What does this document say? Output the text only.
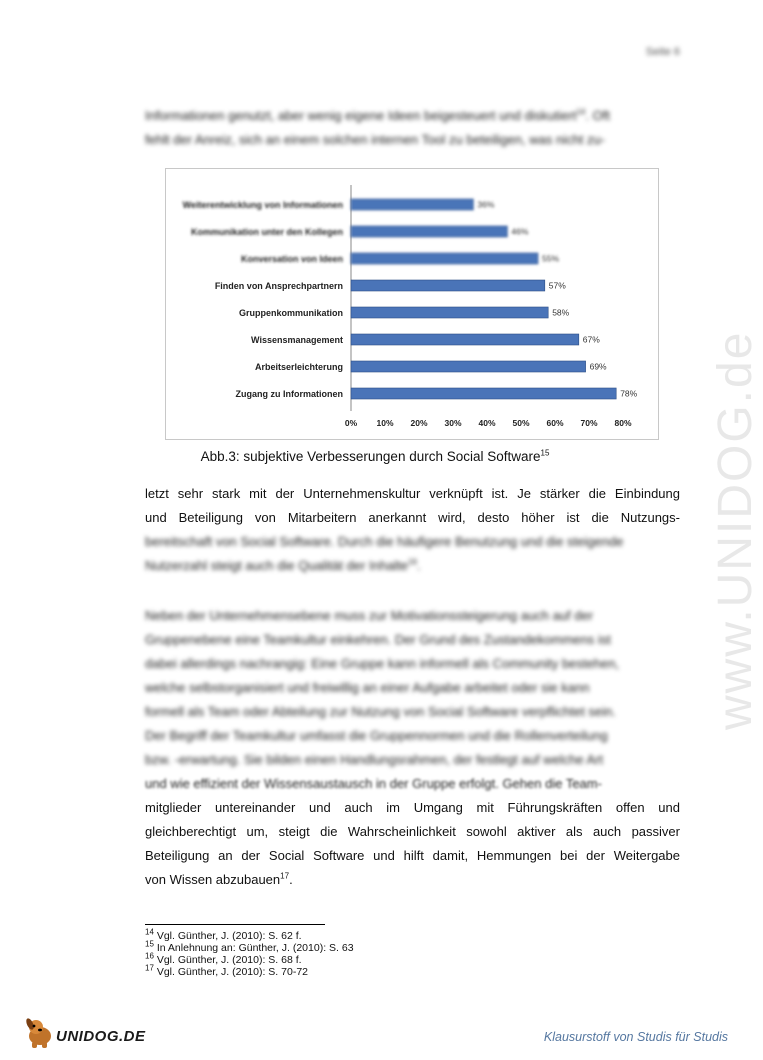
Seite 6
Informationen genutzt, aber wenig eigene Ideen beigesteuert und diskutiert$^{14}$. Oft
fehlt der Anreiz, sich an einem solchen internen Tool zu beteiligen, was nicht zu-
Weiterentwicklung von Informationen	36%
Kommunikation unter den Kollegen	46%
Konversation von Ideen	55%
Finden von Ansprechpartnern	57%
Gruppenkommunikation	58%
Wissensmanagement	67%
Arbeitserleichterung	69%
Zugang zu Informationen	78%
0% 10% 20% 30% 40% 50% 60% 70% 80%
Abb.3: subjektive Verbesserungen durch Social Software$^{15}$
letzt sehr stark mit der Unternehmenskultur verknüpft ist. Je stärker die Einbindung
und Beteiligung von Mitarbeitern anerkannt wird, desto höher ist die Nutzungs-
bereitschaft von Social Software. Durch die häufigere Benutzung und die steigende
Nutzerzahl steigt auch die Qualität der Inhalte$^{16}$.
Neben der Unternehmensebene muss zur Motivationssteigerung auch auf der
Gruppenebene eine Teamkultur einkehren. Der Grund des Zustandekommens ist
dabei allerdings nachrangig: Eine Gruppe kann informell als Community bestehen,
welche selbstorganisiert und freiwillig an einer Aufgabe arbeitet oder sie kann
formell als Team oder Abteilung zur Nutzung von Social Software verpflichtet sein.
Der Begriff der Teamkultur umfasst die Gruppennormen und die Rollenverteilung
bzw. -erwartung. Sie bilden einen Handlungsrahmen, der festlegt auf welche Art
und wie effizient der Wissensaustausch in der Gruppe erfolgt. Gehen die Team-
mitglieder untereinander und auch im Umgang mit Führungskräften offen und
gleichberechtigt um, steigt die Wahrscheinlichkeit sowohl aktiver als auch passiver
Beteiligung an der Social Software und hilft damit, Hemmungen bei der Weitergabe
von Wissen abzubauen$^{17}$.
$^{14}$ Vgl. Günther, J. (2010): S. 62 f.
$^{15}$ In Anlehnung an: Günther, J. (2010): S. 63
$^{16}$ Vgl. Günther, J. (2010): S. 68 f.
$^{17}$ Vgl. Günther, J. (2010): S. 70-72
www.UNIDOG.de
UNIDOG.DE	Klausurstoff von Studis für Studis
